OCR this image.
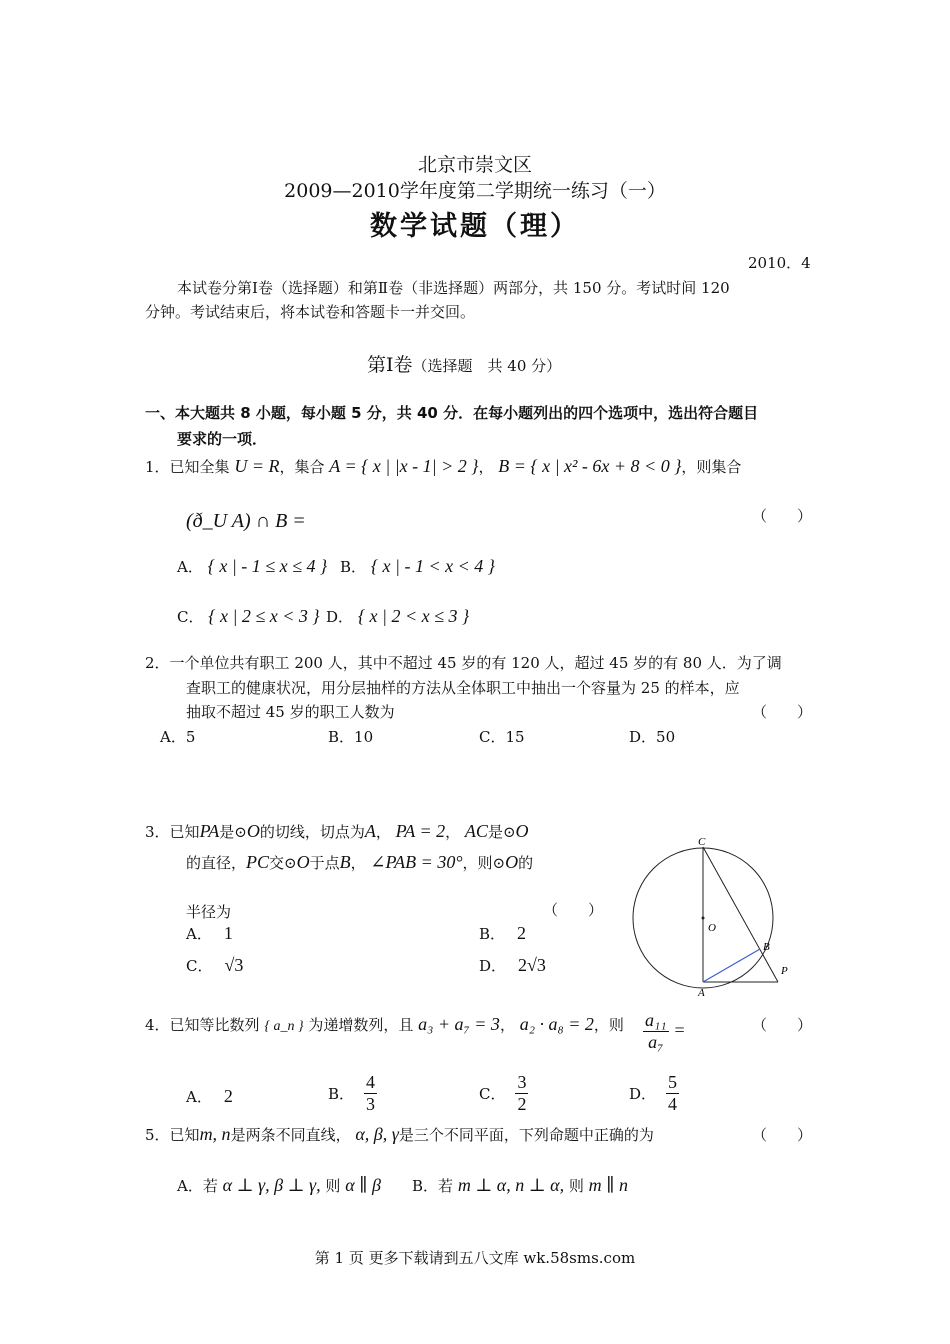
北京市崇文区
2009—2010学年度第二学期统一练习（一）
数学试题（理）
2010．4
本试卷分第Ⅰ卷（选择题）和第Ⅱ卷（非选择题）两部分，共 150 分。考试时间 120
分钟。考试结束后，将本试卷和答题卡一并交回。
第Ⅰ卷（选择题　共 40 分）
一、本大题共 8 小题，每小题 5 分，共 40 分．在每小题列出的四个选项中，选出符合题目
要求的一项．
1．已知全集 U = R，集合 A = { x | |x - 1| > 2 }， B = { x | x² - 6x + 8 < 0 }，则集合
(ð_U A) ∩ B =	（　　）
A． { x | - 1 ≤ x ≤ 4 } B． { x | - 1 < x < 4 }
C． { x | 2 ≤ x < 3 } D． { x | 2 < x ≤ 3 }
2．一个单位共有职工 200 人，其中不超过 45 岁的有 120 人，超过 45 岁的有 80 人．为了调
查职工的健康状况，用分层抽样的方法从全体职工中抽出一个容量为 25 的样本，应
抽取不超过 45 岁的职工人数为	（　　）
A．5	B．10	C．15	D．50
3．已知PA是⊙O的切线，切点为A， PA = 2， AC是⊙O
的直径，PC交⊙O于点B， ∠PAB = 30°，则⊙O的
半径为	（　　）
A． 1	B． 2
C． √3	D． 2√3
C
O
B
P
A
4．已知等比数列 { a_n } 为递增数列，且 a₃ + a₇ = 3， a₂ · a₈ = 2，则 $\frac{\text{a₁₁}}{\text{a₇}}$ =	（　　）
A． 2	B． $\frac{4}{3}$	C． $\frac{3}{2}$	D． $\frac{5}{4}$
5．已知m, n是两条不同直线， α, β, γ是三个不同平面，下列命题中正确的为	（　　）
A．若 α ⊥ γ, β ⊥ γ, 则 α ∥ β B．若 m ⊥ α, n ⊥ α, 则 m ∥ n
第 1 页 更多下载请到五八文库 wk.58sms.com
